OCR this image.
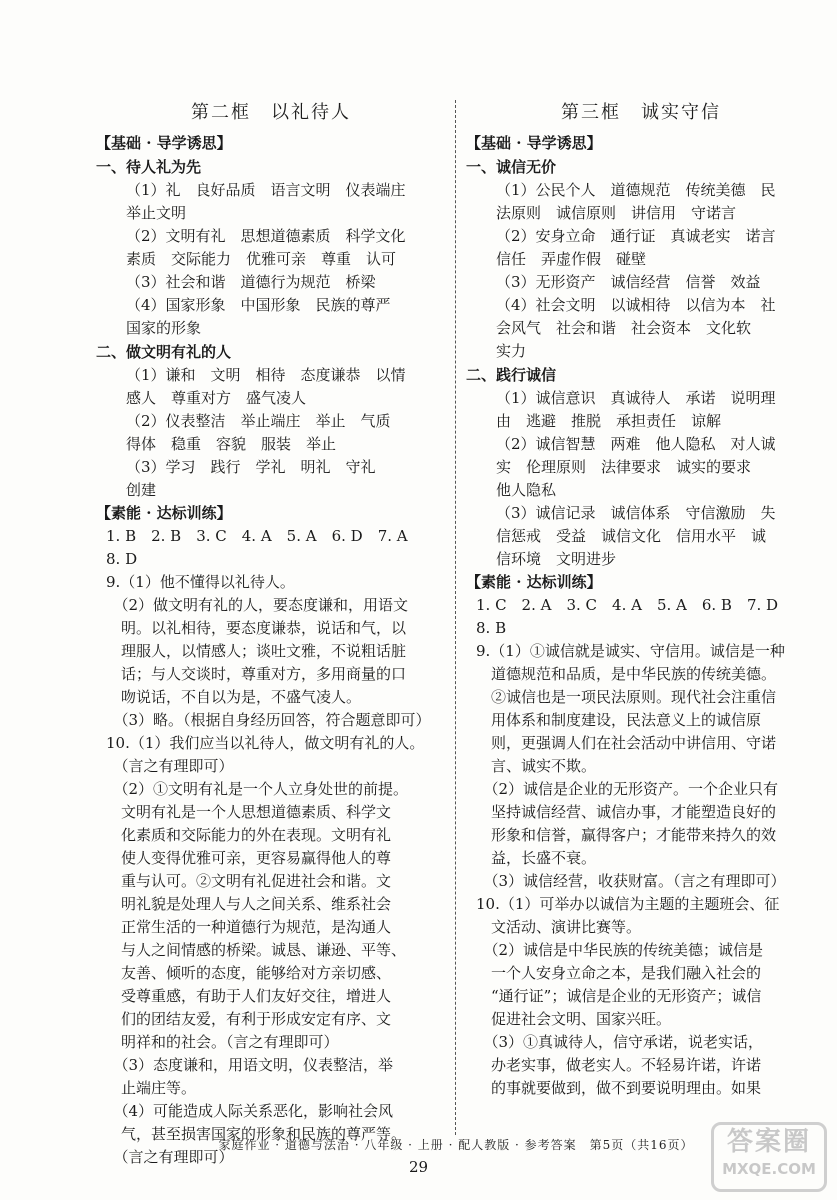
第二框　以礼待人
【基础 · 导学诱思】
一、待人礼为先
（1）礼　良好品质　语言文明　仪表端庄
举止文明
（2）文明有礼　思想道德素质　科学文化
素质　交际能力　优雅可亲　尊重　认可
（3）社会和谐　道德行为规范　桥梁
（4）国家形象　中国形象　民族的尊严
国家的形象
二、做文明有礼的人
（1）谦和　文明　相待　态度谦恭　以情
感人　尊重对方　盛气凌人
（2）仪表整洁　举止端庄　举止　气质
得体　稳重　容貌　服装　举止
（3）学习　践行　学礼　明礼　守礼
创建
【素能 · 达标训练】
1. B　2. B　3. C　4. A　5. A　6. D　7. A
8. D
9.（1）他不懂得以礼待人。
　（2）做文明有礼的人，要态度谦和，用语文
　明。以礼相待，要态度谦恭，说话和气，以
　理服人，以情感人；谈吐文雅，不说粗话脏
　话；与人交谈时，尊重对方，多用商量的口
　吻说话，不自以为是，不盛气凌人。
　（3）略。（根据自身经历回答，符合题意即可）
10.（1）我们应当以礼待人，做文明有礼的人。
　（言之有理即可）
　（2）①文明有礼是一个人立身处世的前提。
　文明有礼是一个人思想道德素质、科学文
　化素质和交际能力的外在表现。文明有礼
　使人变得优雅可亲，更容易赢得他人的尊
　重与认可。②文明有礼促进社会和谐。文
　明礼貌是处理人与人之间关系、维系社会
　正常生活的一种道德行为规范，是沟通人
　与人之间情感的桥梁。诚恳、谦逊、平等、
　友善、倾听的态度，能够给对方亲切感、
　受尊重感，有助于人们友好交往，增进人
　们的团结友爱，有利于形成安定有序、文
　明祥和的社会。（言之有理即可）
　（3）态度谦和，用语文明，仪表整洁，举
　止端庄等。
　（4）可能造成人际关系恶化，影响社会风
　气，甚至损害国家的形象和民族的尊严等。
　（言之有理即可）
第三框　诚实守信
【基础 · 导学诱思】
一、诚信无价
（1）公民个人　道德规范　传统美德　民
法原则　诚信原则　讲信用　守诺言
（2）安身立命　通行证　真诚老实　诺言
信任　弄虚作假　碰壁
（3）无形资产　诚信经营　信誉　效益
（4）社会文明　以诚相待　以信为本　社
会风气　社会和谐　社会资本　文化软
实力
二、践行诚信
（1）诚信意识　真诚待人　承诺　说明理
由　逃避　推脱　承担责任　谅解
（2）诚信智慧　两难　他人隐私　对人诚
实　伦理原则　法律要求　诚实的要求
他人隐私
（3）诚信记录　诚信体系　守信激励　失
信惩戒　受益　诚信文化　信用水平　诚
信环境　文明进步
【素能 · 达标训练】
1. C　2. A　3. C　4. A　5. A　6. B　7. D
8. B
9.（1）①诚信就是诚实、守信用。诚信是一种
　道德规范和品质，是中华民族的传统美德。
　②诚信也是一项民法原则。现代社会注重信
　用体系和制度建设，民法意义上的诚信原
　则，更强调人们在社会活动中讲信用、守诺
　言、诚实不欺。
　（2）诚信是企业的无形资产。一个企业只有
　坚持诚信经营、诚信办事，才能塑造良好的
　形象和信誉，赢得客户；才能带来持久的效
　益，长盛不衰。
　（3）诚信经营，收获财富。（言之有理即可）
10.（1）可举办以诚信为主题的主题班会、征
　文活动、演讲比赛等。
　（2）诚信是中华民族的传统美德；诚信是
　一个人安身立命之本，是我们融入社会的
　“通行证”；诚信是企业的无形资产；诚信
　促进社会文明、国家兴旺。
　（3）①真诚待人，信守承诺，说老实话，
　办老实事，做老实人。不轻易许诺，许诺
　的事就要做到，做不到要说明理由。如果
家庭作业 · 道德与法治 · 八年级 · 上册 · 配人教版 · 参考答案　第5页（共16页）
29
答案圈
MXQE.COM
